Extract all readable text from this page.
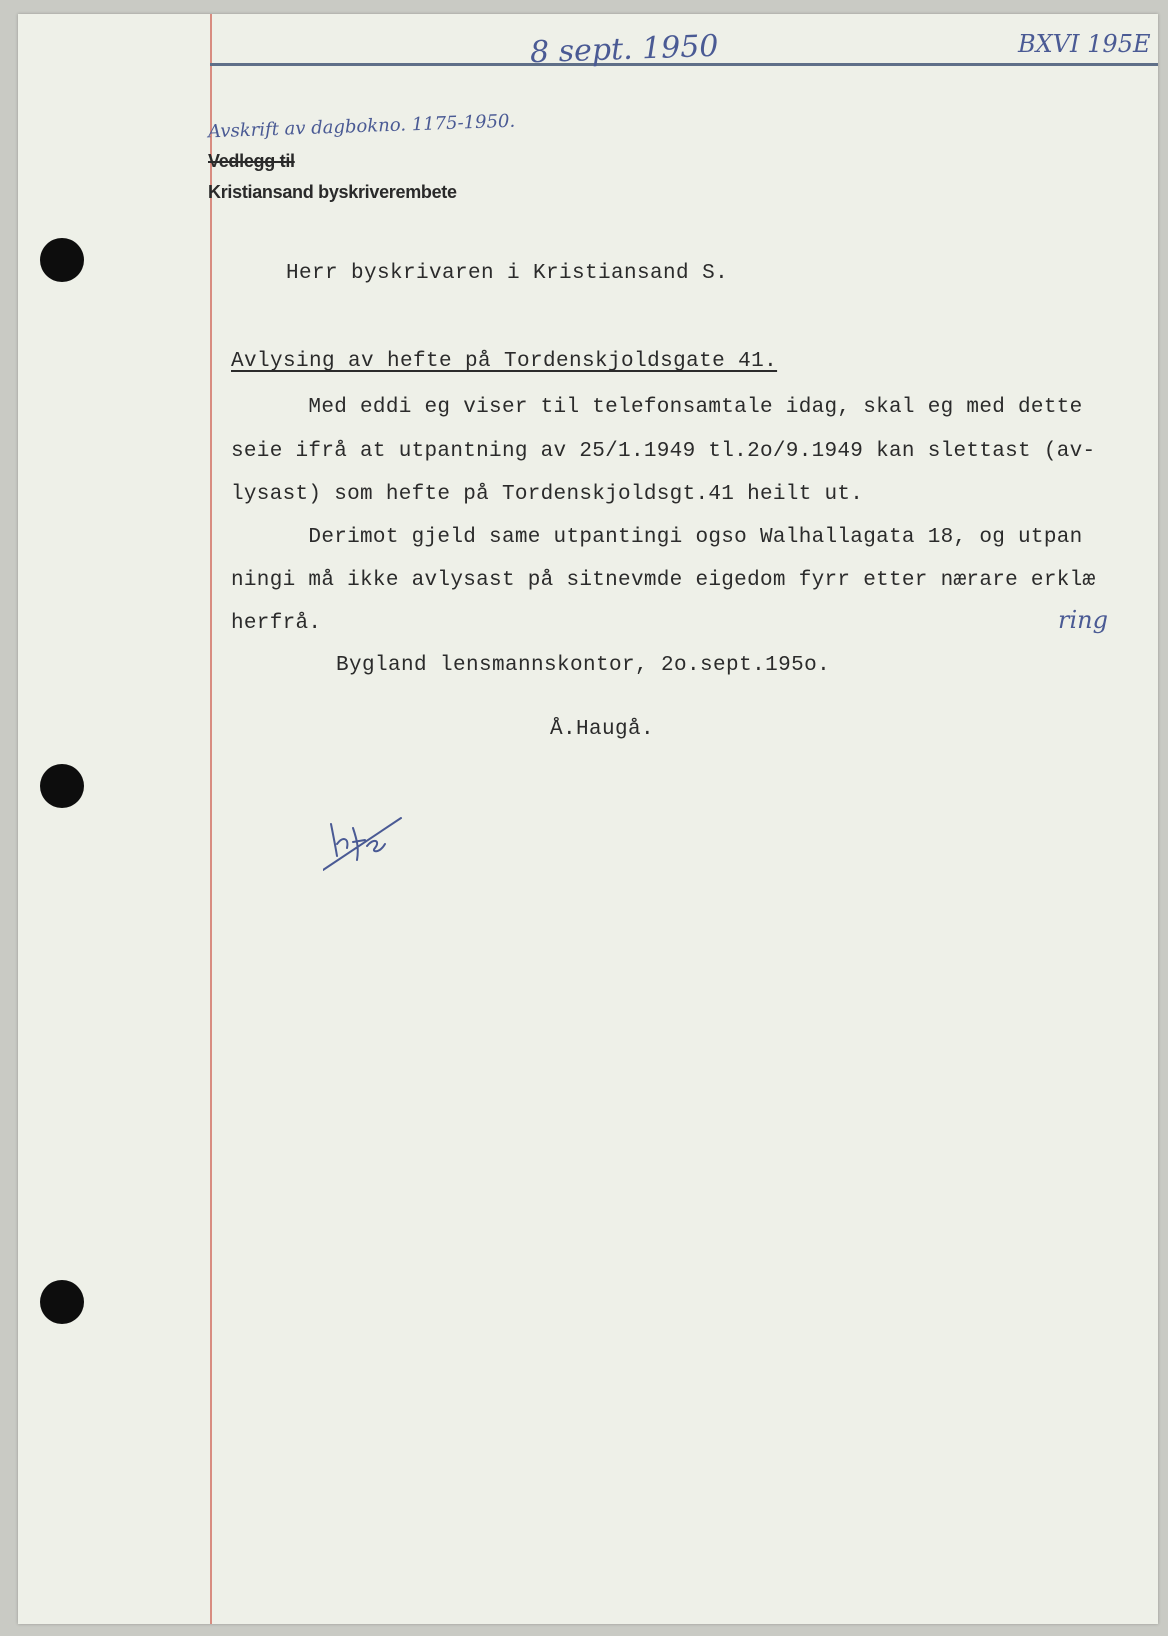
8 sept. 1950	BXVI 195E
Avskrift av dagbokno. 1175-1950.
Vedlegg til
Kristiansand byskriverembete
Herr byskrivaren i Kristiansand S.
Avlysing av hefte på Tordenskjoldsgate 41.
Med eddi eg viser til telefonsamtale idag, skal eg med dette
seie ifrå at utpantning av 25/1.1949 tl.2o/9.1949 kan slettast (av-
lysast) som hefte på Tordenskjoldsgt.41 heilt ut.
Derimot gjeld same utpantingi ogso Walhallagata 18, og utpan
ningi må ikke avlysast på sitnevmde eigedom fyrr etter nærare erklæ
herfrå.	ring
Bygland lensmannskontor, 2o.sept.195o.
Å.Haugå.
